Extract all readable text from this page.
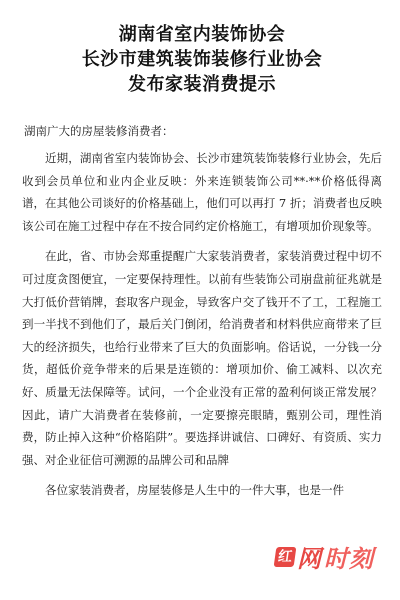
湖南省室内装饰协会
长沙市建筑装饰装修行业协会
发布家装消费提示
湖南广大的房屋装修消费者：

近期，湖南省室内装饰协会、长沙市建筑装饰装修行业协会，先后收到会员单位和业内企业反映：外来连锁装饰公司**·**价格低得离谱，在其他公司谈好的价格基础上，他们可以再打 7 折；消费者也反映该公司在施工过程中存在不按合同约定价格施工，有增项加价现象等。

在此，省、市协会郑重提醒广大家装消费者，家装消费过程中切不可过度贪图便宜，一定要保持理性。以前有些装饰公司崩盘前征兆就是大打低价营销牌，套取客户现金，导致客户交了钱开不了工，工程施工到一半找不到他们了，最后关门倒闭，给消费者和材料供应商带来了巨大的经济损失，也给行业带来了巨大的负面影响。俗话说，一分钱一分货，超低价竞争带来的后果是连锁的：增项加价、偷工减料、以次充好、质量无法保障等。试问，一个企业没有正常的盈利何谈正常发展？因此，请广大消费者在装修前，一定要擦亮眼睛，甄别公司，理性消费，防止掉入这种“价格陷阱”。要选择讲诚信、口碑好、有资质、实力强、对企业征信可溯源的品牌公司和品牌

各位家装消费者，房屋装修是人生中的一件大事，也是一件

红 网 时刻
